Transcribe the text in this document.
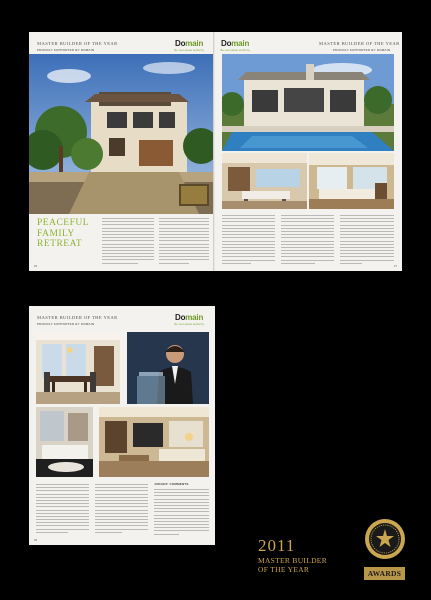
MASTER BUILDER OF THE YEAR
PROUDLY SUPPORTED BY DOMAIN
Domain
the real estate authority
PEACEFUL
FAMILY
RETREAT
26
Domain
the real estate authority
MASTER BUILDER OF THE YEAR
PROUDLY SUPPORTED BY DOMAIN
27
MASTER BUILDER OF THE YEAR
PROUDLY SUPPORTED BY DOMAIN
Domain
the real estate authority
JUDGES' COMMENTS
28	2011
MASTER BUILDER
OF THE YEAR	AWARDS
